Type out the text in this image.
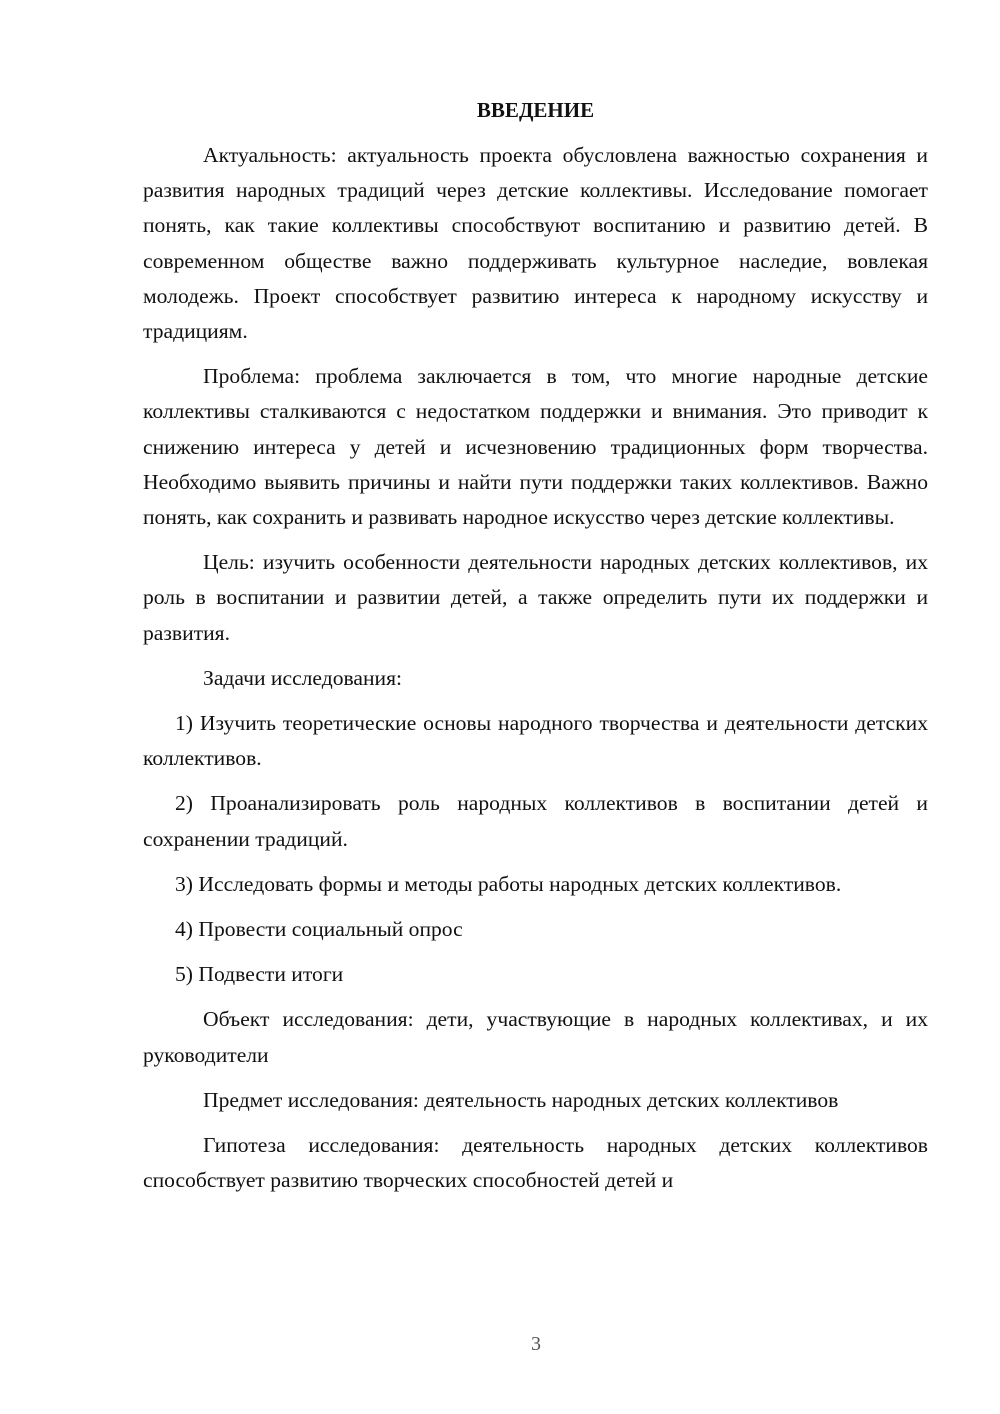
ВВЕДЕНИЕ

Актуальность: актуальность проекта обусловлена важностью сохранения и развития народных традиций через детские коллективы. Исследование помогает понять, как такие коллективы способствуют воспитанию и развитию детей. В современном обществе важно поддерживать культурное наследие, вовлекая молодежь. Проект способствует развитию интереса к народному искусству и традициям.

Проблема: проблема заключается в том, что многие народные детские коллективы сталкиваются с недостатком поддержки и внимания. Это приводит к снижению интереса у детей и исчезновению традиционных форм творчества. Необходимо выявить причины и найти пути поддержки таких коллективов. Важно понять, как сохранить и развивать народное искусство через детские коллективы.

Цель: изучить особенности деятельности народных детских коллективов, их роль в воспитании и развитии детей, а также определить пути их поддержки и развития.

Задачи исследования:

1) Изучить теоретические основы народного творчества и деятельности детских коллективов.

2) Проанализировать роль народных коллективов в воспитании детей и сохранении традиций.

3) Исследовать формы и методы работы народных детских коллективов.

4) Провести социальный опрос

5) Подвести итоги

Объект исследования: дети, участвующие в народных коллективах, и их руководители

Предмет исследования: деятельность народных детских коллективов

Гипотеза исследования: деятельность народных детских коллективов способствует развитию творческих способностей детей и

3
